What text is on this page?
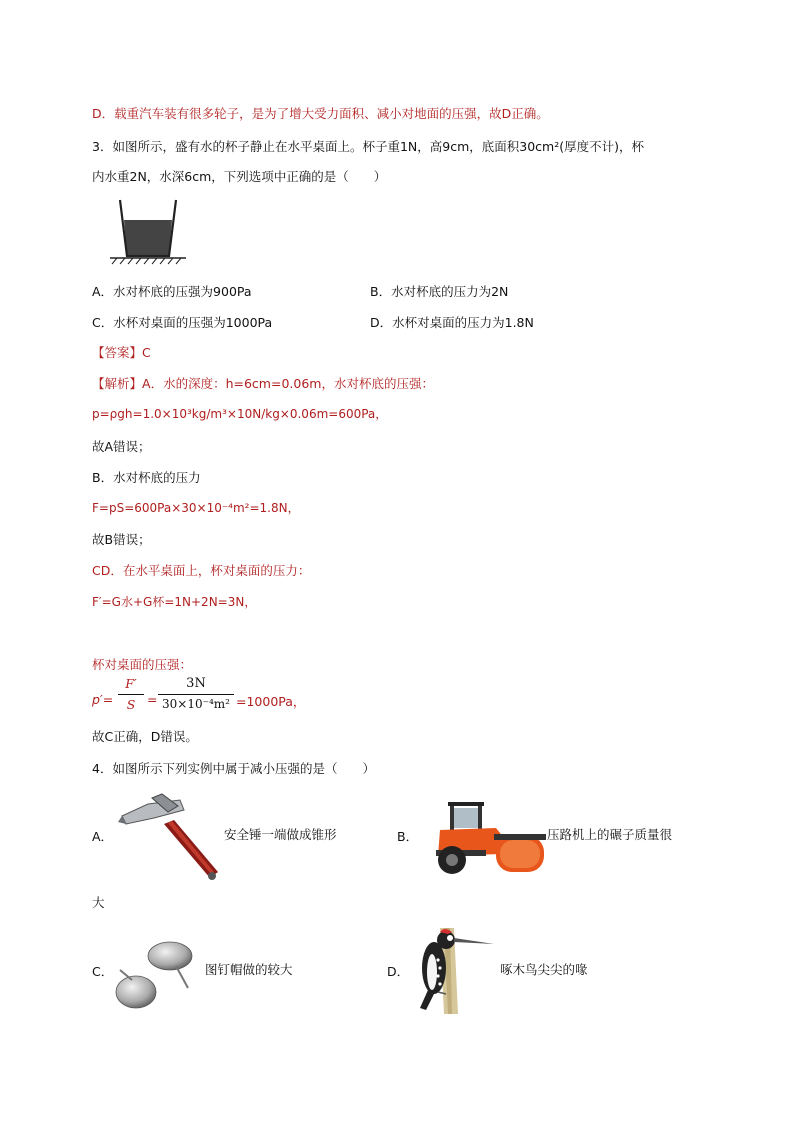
D．载重汽车装有很多轮子，是为了增大受力面积、减小对地面的压强，故D正确。
3．如图所示，盛有水的杯子静止在水平桌面上。杯子重1N，高9cm，底面积30cm²(厚度不计)，杯
内水重2N，水深6cm，下列选项中正确的是（　　）
A．水对杯底的压强为900Pa	B．水对杯底的压力为2N
C．水杯对桌面的压强为1000Pa	D．水杯对桌面的压力为1.8N
【答案】C
【解析】A．水的深度：h=6cm=0.06m，水对杯底的压强：
p=ρgh=1.0×10³kg/m³×10N/kg×0.06m=600Pa，
故A错误；
B．水对杯底的压力
F=pS=600Pa×30×10⁻⁴m²=1.8N，
故B错误；
CD．在水平桌面上，杯对桌面的压力：
F′=G水+G杯=1N+2N=3N，
杯对桌面的压强：
p′=
F′
S =
3N
30×10⁻⁴m² =1000Pa，
故C正确，D错误。
4．如图所示下列实例中属于减小压强的是（　　）
A．	安全锤一端做成锥形	B．	压路机上的碾子质量很
大
C．	图钉帽做的较大	D．	啄木鸟尖尖的喙
